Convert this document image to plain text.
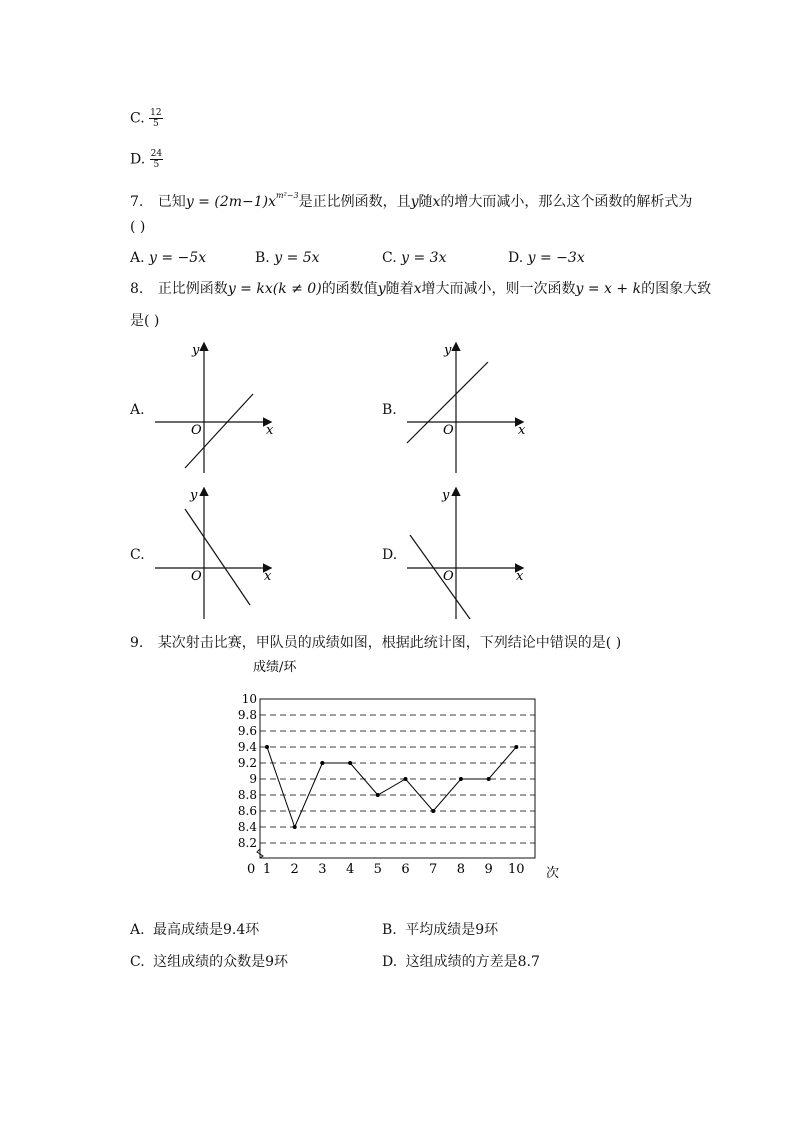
C. $\frac{12}{5}$
D. $\frac{24}{5}$
7. 已知$y = (2m-1)x^{m^2-3}$是正比例函数，且y随x的增大而减小，那么这个函数的解析式为
( )
A. y = −5x	B. y = 5x	C. y = 3x	D. y = −3x
8. 正比例函数y = kx(k ≠ 0)的函数值y随着x增大而减小，则一次函数y = x + k的图象大致
是( )
A.
x
y
O
B.
x
y
O
C.
x
y
O
D.
x
y
O
9. 某次射击比赛，甲队员的成绩如图，根据此统计图，下列结论中错误的是( )
8.2
8.4
8.6
8.8
9
9.2
9.4
9.6
9.8
10
1 2 3 4 5 6 7 8 9 10
成绩/环
次
0
A. 最高成绩是9.4环	B. 平均成绩是9环
C. 这组成绩的众数是9环	D. 这组成绩的方差是8.7
